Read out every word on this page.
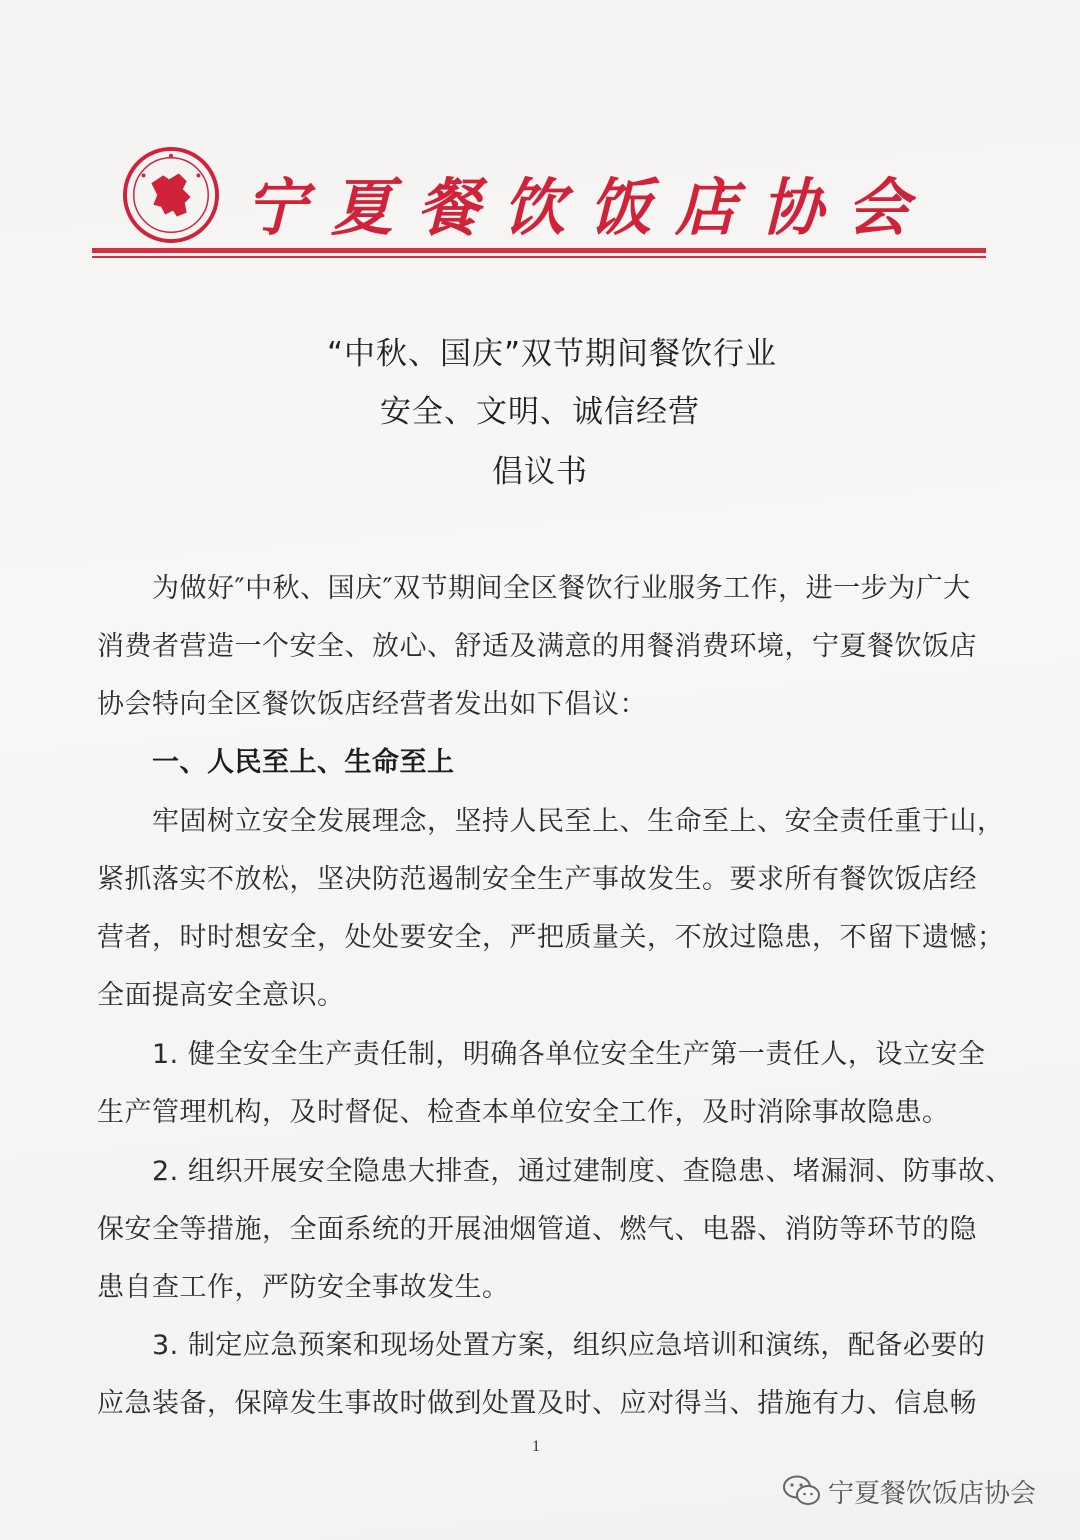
宁夏餐饮饭店协会
“中秋、国庆”双节期间餐饮行业
安全、文明、诚信经营
倡议书
为做好″中秋、国庆″双节期间全区餐饮行业服务工作，进一步为广大
消费者营造一个安全、放心、舒适及满意的用餐消费环境，宁夏餐饮饭店
协会特向全区餐饮饭店经营者发出如下倡议：
一、人民至上、生命至上
牢固树立安全发展理念，坚持人民至上、生命至上、安全责任重于山，
紧抓落实不放松，坚决防范遏制安全生产事故发生。要求所有餐饮饭店经
营者，时时想安全，处处要安全，严把质量关，不放过隐患，不留下遗憾；
全面提高安全意识。
1. 健全安全生产责任制，明确各单位安全生产第一责任人，设立安全
生产管理机构，及时督促、检查本单位安全工作，及时消除事故隐患。
2. 组织开展安全隐患大排查，通过建制度、查隐患、堵漏洞、防事故、
保安全等措施，全面系统的开展油烟管道、燃气、电器、消防等环节的隐
患自查工作，严防安全事故发生。
3. 制定应急预案和现场处置方案，组织应急培训和演练，配备必要的
应急装备，保障发生事故时做到处置及时、应对得当、措施有力、信息畅
1
宁夏餐饮饭店协会
